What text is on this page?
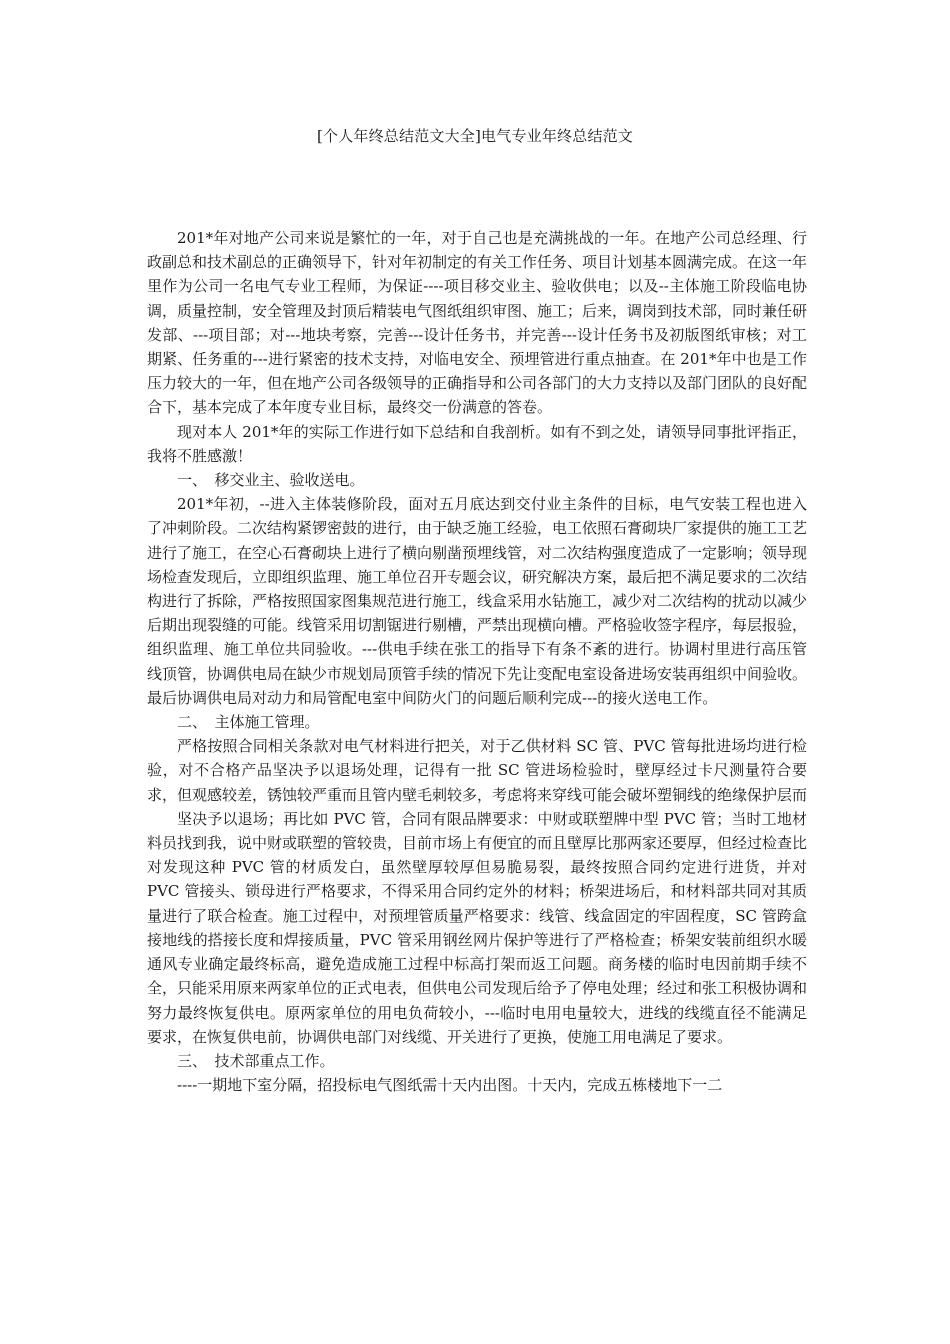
[个人年终总结范文大全]电气专业年终总结范文

201*年对地产公司来说是繁忙的一年，对于自己也是充满挑战的一年。在地产公司总经理、行政副总和技术副总的正确领导下，针对年初制定的有关工作任务、项目计划基本圆满完成。在这一年里作为公司一名电气专业工程师，为保证----项目移交业主、验收供电；以及--主体施工阶段临电协调，质量控制，安全管理及封顶后精装电气图纸组织审图、施工；后来，调岗到技术部，同时兼任研发部、---项目部；对---地块考察，完善---设计任务书，并完善---设计任务书及初版图纸审核；对工期紧、任务重的---进行紧密的技术支持，对临电安全、预埋管进行重点抽查。在 201*年中也是工作压力较大的一年，但在地产公司各级领导的正确指导和公司各部门的大力支持以及部门团队的良好配合下，基本完成了本年度专业目标，最终交一份满意的答卷。

现对本人 201*年的实际工作进行如下总结和自我剖析。如有不到之处，请领导同事批评指正，我将不胜感激！

一、　移交业主、验收送电。

201*年初，--进入主体装修阶段，面对五月底达到交付业主条件的目标，电气安装工程也进入了冲刺阶段。二次结构紧锣密鼓的进行，由于缺乏施工经验，电工依照石膏砌块厂家提供的施工工艺进行了施工，在空心石膏砌块上进行了横向剔凿预埋线管，对二次结构强度造成了一定影响；领导现场检查发现后，立即组织监理、施工单位召开专题会议，研究解决方案，最后把不满足要求的二次结构进行了拆除，严格按照国家图集规范进行施工，线盒采用水钻施工，减少对二次结构的扰动以减少后期出现裂缝的可能。线管采用切割锯进行剔槽，严禁出现横向槽。严格验收签字程序，每层报验，组织监理、施工单位共同验收。---供电手续在张工的指导下有条不紊的进行。协调村里进行高压管线顶管，协调供电局在缺少市规划局顶管手续的情况下先让变配电室设备进场安装再组织中间验收。最后协调供电局对动力和局管配电室中间防火门的问题后顺利完成---的接火送电工作。

二、　主体施工管理。

严格按照合同相关条款对电气材料进行把关，对于乙供材料 SC 管、PVC 管每批进场均进行检验，对不合格产品坚决予以退场处理，记得有一批 SC 管进场检验时，壁厚经过卡尺测量符合要求，但观感较差，锈蚀较严重而且管内壁毛刺较多，考虑将来穿线可能会破坏塑铜线的绝缘保护层而

坚决予以退场；再比如 PVC 管，合同有限品牌要求：中财或联塑牌中型 PVC 管；当时工地材料员找到我，说中财或联塑的管较贵，目前市场上有便宜的而且壁厚比那两家还要厚，但经过检查比对发现这种 PVC 管的材质发白，虽然壁厚较厚但易脆易裂，最终按照合同约定进行进货，并对 PVC 管接头、锁母进行严格要求，不得采用合同约定外的材料；桥架进场后，和材料部共同对其质量进行了联合检查。施工过程中，对预埋管质量严格要求：线管、线盒固定的牢固程度，SC 管跨盒接地线的搭接长度和焊接质量，PVC 管采用钢丝网片保护等进行了严格检查；桥架安装前组织水暖通风专业确定最终标高，避免造成施工过程中标高打架而返工问题。商务楼的临时电因前期手续不全，只能采用原来两家单位的正式电表，但供电公司发现后给予了停电处理；经过和张工积极协调和努力最终恢复供电。原两家单位的用电负荷较小，---临时电用电量较大，进线的线缆直径不能满足要求，在恢复供电前，协调供电部门对线缆、开关进行了更换，使施工用电满足了要求。

三、　技术部重点工作。

----一期地下室分隔，招投标电气图纸需十天内出图。十天内，完成五栋楼地下一二
